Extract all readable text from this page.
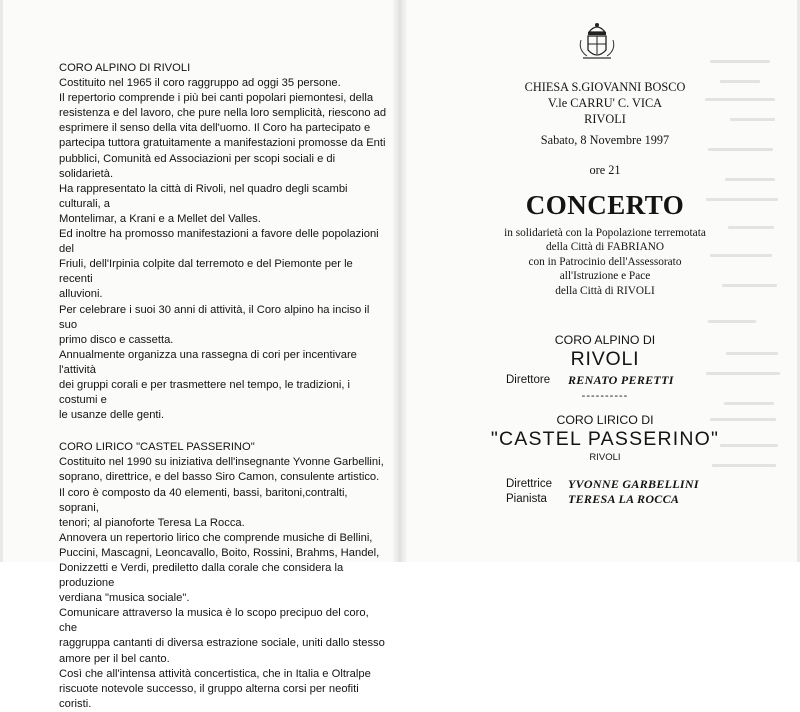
CORO ALPINO DI RIVOLI

Costituito nel 1965 il coro raggruppo ad oggi 35 persone.

Il repertorio comprende i più bei canti popolari piemontesi, della

resistenza e del lavoro, che pure nella loro semplicità, riescono ad

esprimere il senso della vita dell'uomo. Il Coro ha partecipato e

partecipa tuttora gratuitamente a manifestazioni promosse da Enti

pubblici, Comunità ed Associazioni per scopi sociali e di solidarietà.

Ha rappresentato la città di Rivoli, nel quadro degli scambi culturali, a

Montelimar, a Krani e a Mellet del Valles.

Ed inoltre ha promosso manifestazioni a favore delle popolazioni del

Friuli, dell'Irpinia colpite dal terremoto e del Piemonte per le recenti

alluvioni.

Per celebrare i suoi 30 anni di attività, il Coro alpino ha inciso il suo

primo disco e cassetta.

Annualmente organizza una rassegna di cori per incentivare l'attività

dei gruppi corali e per trasmettere nel tempo, le tradizioni, i costumi e

le usanze delle genti.

CORO LIRICO "CASTEL PASSERINO"

Costituito nel 1990 su iniziativa dell'insegnante Yvonne Garbellini,

soprano, direttrice, e del basso Siro Camon, consulente artistico.

Il coro è composto da 40 elementi, bassi, baritoni,contralti, soprani,

tenori; al pianoforte Teresa La Rocca.

Annovera un repertorio lirico che comprende musiche di Bellini,

Puccini, Mascagni, Leoncavallo, Boito, Rossini, Brahms, Handel,

Donizzetti e Verdi, prediletto dalla corale che considera la produzione

verdiana "musica sociale".

Comunicare attraverso la musica è lo scopo precipuo del coro, che

raggruppa cantanti di diversa estrazione sociale, uniti dallo stesso

amore per il bel canto.

Così che all'intensa attività concertistica, che in Italia e Oltralpe

riscuote notevole successo, il gruppo alterna corsi per neofiti coristi.

CHIESA S.GIOVANNI BOSCO
V.le CARRU' C. VICA
RIVOLI
Sabato, 8 Novembre 1997
ore 21
CONCERTO
in solidarietà con la Popolazione terremotata
della Città di FABRIANO
con in Patrocinio dell'Assessorato
all'Istruzione e Pace
della Città di RIVOLI
CORO ALPINO DI
RIVOLI
Direttore RENATO PERETTI
----------
CORO LIRICO DI
"CASTEL PASSERINO"
RIVOLI
Direttrice YVONNE GARBELLINI
Pianista TERESA LA ROCCA
